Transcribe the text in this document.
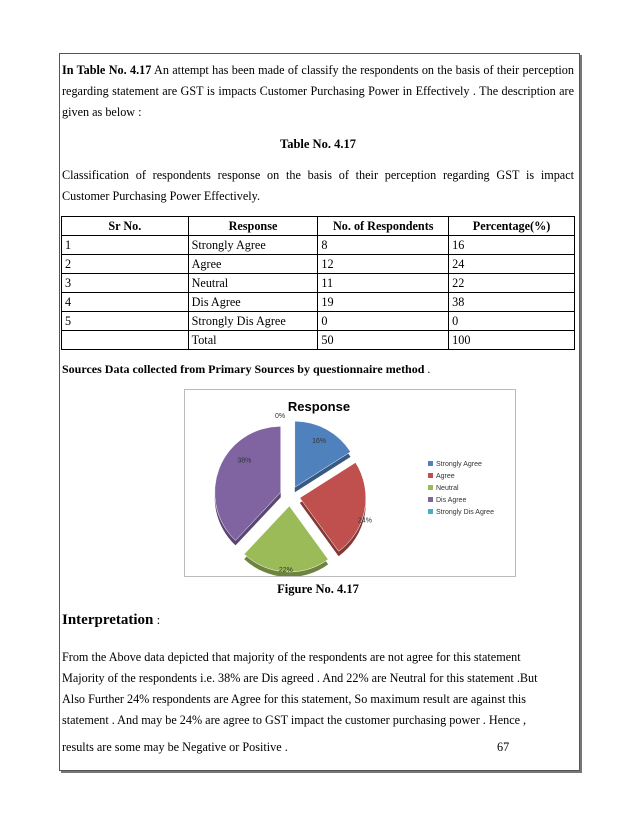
In Table No. 4.17 An attempt has been made of classify the respondents on the basis of their perception regarding statement are GST is impacts Customer Purchasing Power in Effectively . The description are given as below :
Table No. 4.17
Classification of respondents response on the basis of their perception regarding GST is impact Customer Purchasing Power Effectively.
Sr No.	Response	No. of Respondents	Percentage(%)
1	Strongly Agree	8	16
2	Agree	12	24
3	Neutral	11	22
4	Dis Agree	19	38
5	Strongly Dis Agree	0	0
	Total	50	100
Sources Data collected from Primary Sources by questionnaire method .
Response
16%
24%
22%
38%
0%
Strongly Agree
Agree
Neutral
Dis Agree
Strongly Dis Agree
Figure No. 4.17
Interpretation :
From the Above data depicted that majority of the respondents are not agree for this statement
Majority of the respondents i.e. 38% are Dis agreed . And 22% are Neutral for this statement .But
Also Further 24% respondents are Agree for this statement, So maximum result are against this
statement . And may be 24% are agree to GST impact the customer purchasing power . Hence ,
results are some may be Negative or Positive .	67
